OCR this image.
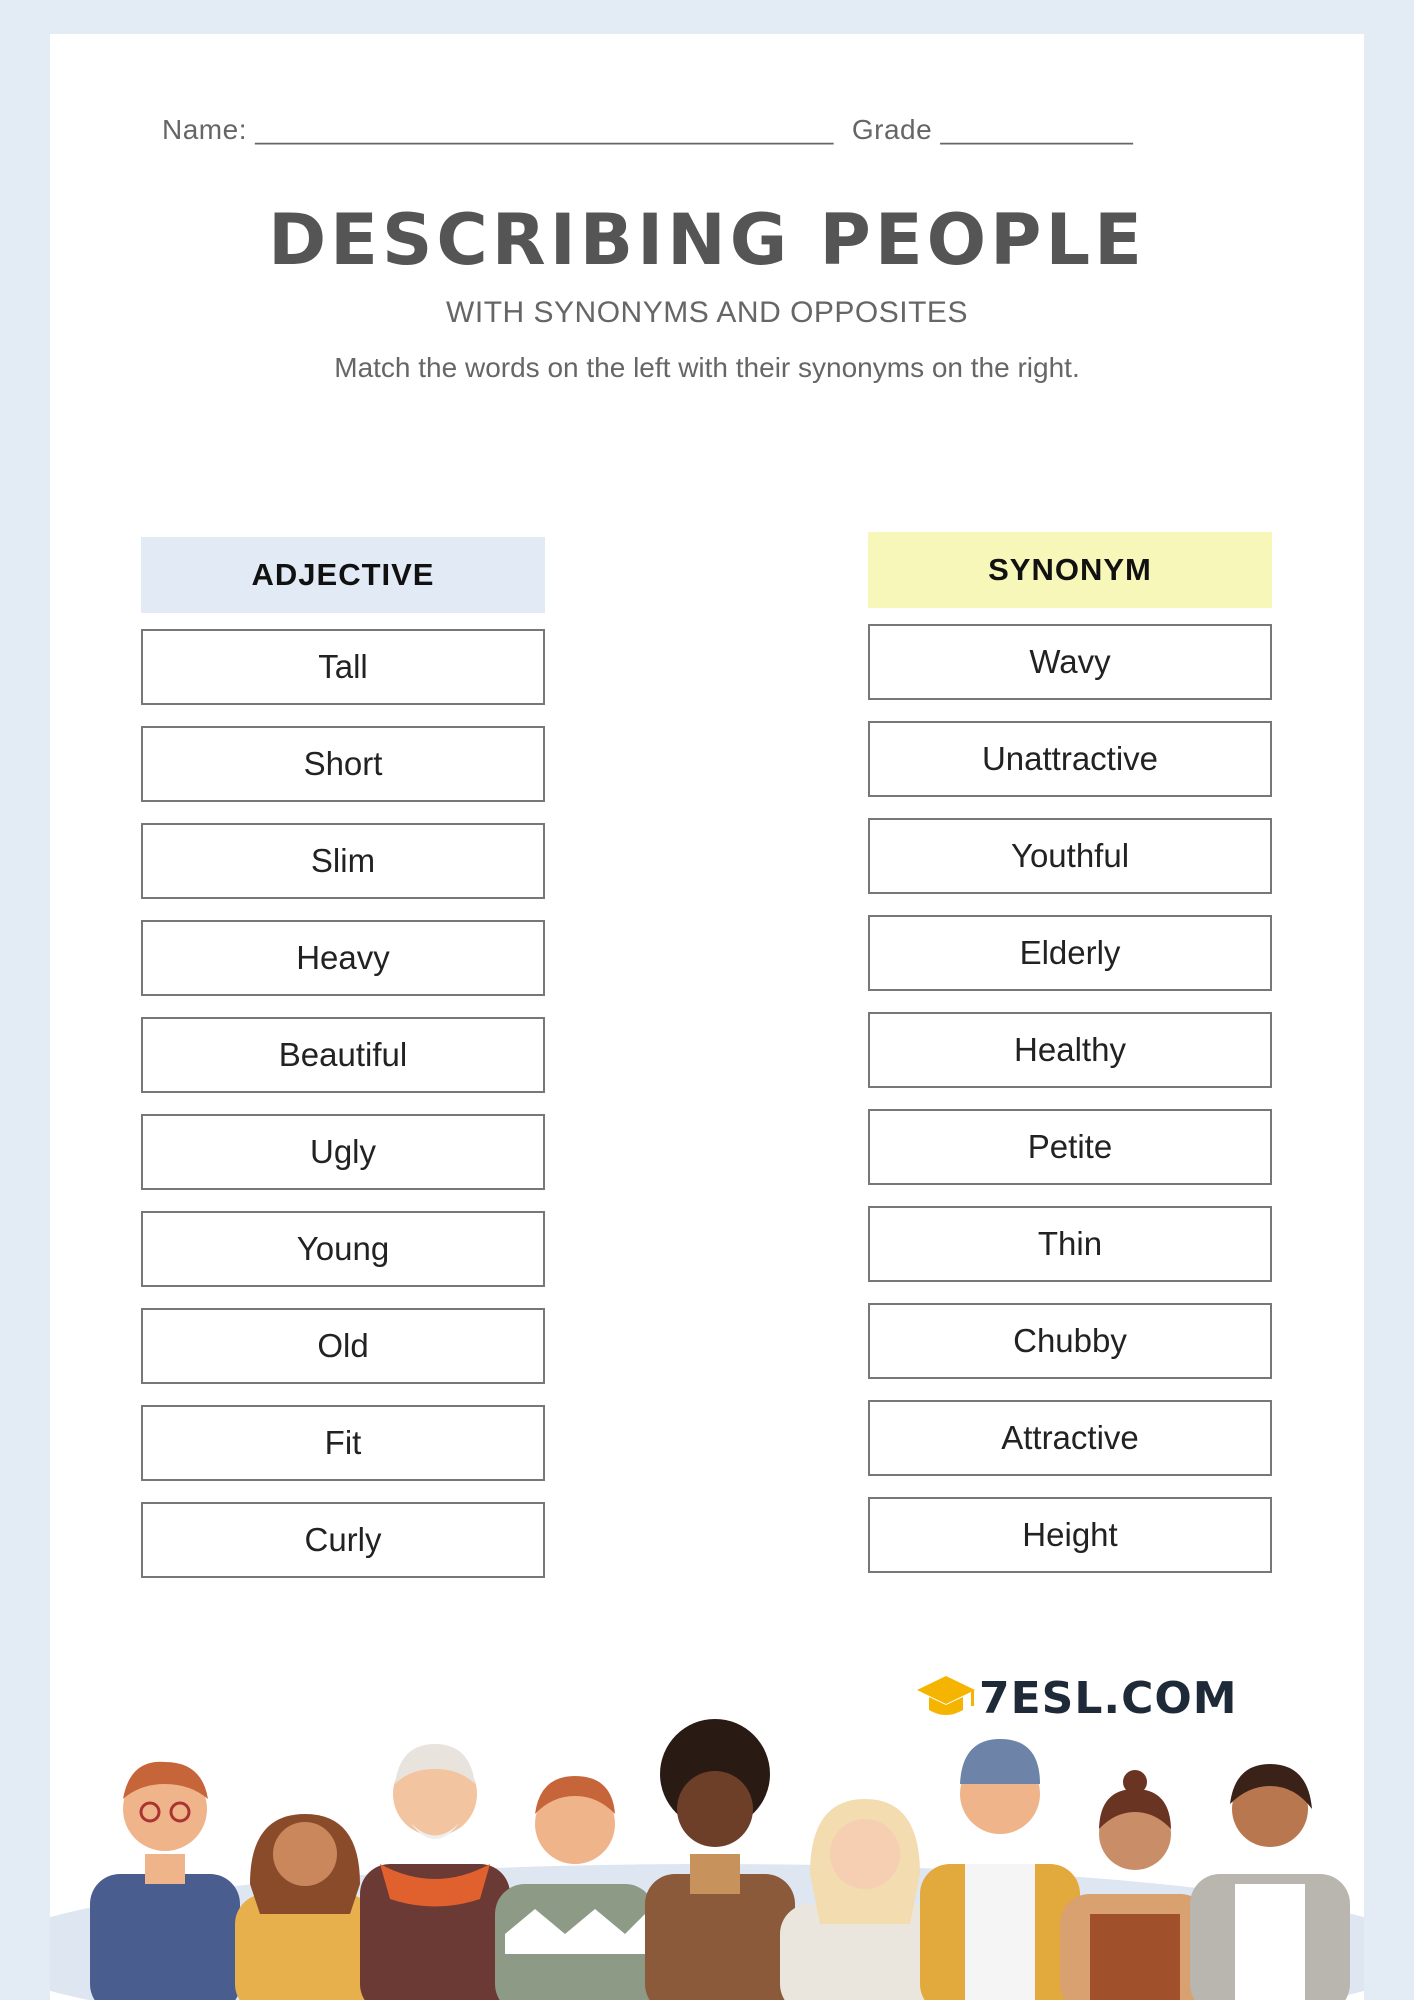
Name: ____________________________________ Grade ____________
DESCRIBING PEOPLE
WITH SYNONYMS AND OPPOSITES
Match the words on the left with their synonyms on the right.
ADJECTIVE
Tall
Short
Slim
Heavy
Beautiful
Ugly
Young
Old
Fit
Curly
SYNONYM
Wavy
Unattractive
Youthful
Elderly
Healthy
Petite
Thin
Chubby
Attractive
Height
7ESL.COM
